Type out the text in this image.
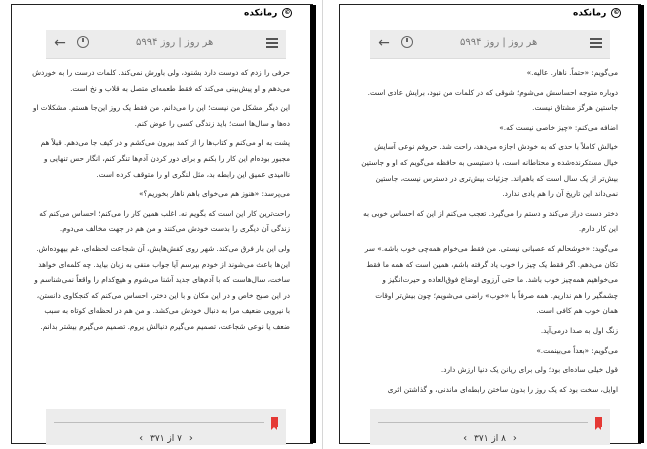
© رمانکده
←	هر روز | روز ۵۹۹۴

حرفی را زدم که دوست دارد بشنود، ولی باورش نمی‌کند. کلمات درست را به خوردش می‌دهم و او پیش‌بینی می‌کند که فقط طعمه‌ای متصل به قلاب و نخ است.

این دیگر مشکل من نیست؛ این را می‌دانم. من فقط یک روز این‌جا هستم. مشکلات او ده‌ها و سال‌ها است؛ باید زندگی کسی را عوض کنم.

پشت به او می‌کنم و کتاب‌ها را از کمد بیرون می‌کشم و در کیف جا می‌دهم. قبلاً هم مجبور بوده‌ام این کار را بکنم و برای دور کردن آدم‌ها تنگر کنم، انگار حس تنهایی و ناامیدی عمیق این رابطه بد، مثل لنگری او را متوقف کرده است.

می‌پرسد: «هنوز هم می‌خوای باهم ناهار بخوریم؟»

راحت‌ترین کار این است که بگویم نه. اغلب همین کار را می‌کنم؛ احساس می‌کنم که زندگی آن دیگری را بدست خودش می‌کنند و من هم در جهت مخالف می‌دوم.

ولی این بار فرق می‌کند. شهر روی کفش‌هایش، آن شجاعت لحظه‌ای، غم بیهوده‌اش. این‌ها باعث می‌شوند از خودم بپرسم آیا جواب منفی به زبان بیاید. چه کلمه‌ای خواهد ساخت، سال‌هاست که با آدم‌های جدید آشنا می‌شوم و هیچ‌کدام را واقعاً نمی‌شناسم و در این صبح خاص و در این مکان و با این دختر، احساس می‌کنم که کنجکاوی دانستن، با نیرویی ضعیف مرا به دنبال خودش می‌کشد. و من هم در لحظه‌ای کوتاه به سبب ضعف یا نوعی شجاعت، تصمیم می‌گیرم دنبالش بروم. تصمیم می‌گیرم بیشتر بدانم.

‹ ۷ از ۳۷۱ ›
© رمانکده
←	هر روز | روز ۵۹۹۴

می‌گویم: «حتماً. ناهار. عالیه.»

دوباره متوجه احساسش می‌شوم؛ شوقی که در کلمات من نبود، برایش عادی است. جاستین هرگز مشتاق نیست.

اضافه می‌کنم: «چیز خاصی نیست که.»

خیالش کاملاً با حدی که به خودش اجازه می‌دهد، راحت شد. حروفم نوعی آسایش خیال مستکرنده‌شده و محتاطانه است، با دستیسی به حافظه می‌گویم که او و جاستین بیش‌تر از یک سال است که باهم‌اند. جزئیات بیش‌تری در دسترس نیست، جاستین نمی‌داند این تاریخ آن را هم یادی ندارد.

دختر دست دراز می‌کند و دستم را می‌گیرد. تعجب می‌کنم از این که احساس خوبی به این کار دارم.

می‌گوید: «خوشحالم که عصبانی نیستی. من فقط می‌خوام همه‌چی خوب باشه.» سر تکان می‌دهم. اگر فقط یک چیز را خوب یاد گرفته باشم، همین است که همه ما فقط می‌خواهیم همه‌چیز خوب باشد. ما حتی آرزوی اوضاع فوق‌العاده و حیرت‌انگیز و چشمگیر را هم نداریم. همه صرفاً با «خوب» راضی می‌شویم؛ چون بیش‌تر اوقات همان خوب هم کافی است.

زنگ اول به صدا درمی‌آید.

می‌گویم: «بعداً می‌بینمت.»

قول خیلی ساده‌ای بود؛ ولی برای ریانن یک دنیا ارزش دارد.

اوایل، سخت بود که یک روز را بدون ساختن رابطه‌ای ماندنی، و گذاشتن اثری

‹ ۸ از ۳۷۱ ›
